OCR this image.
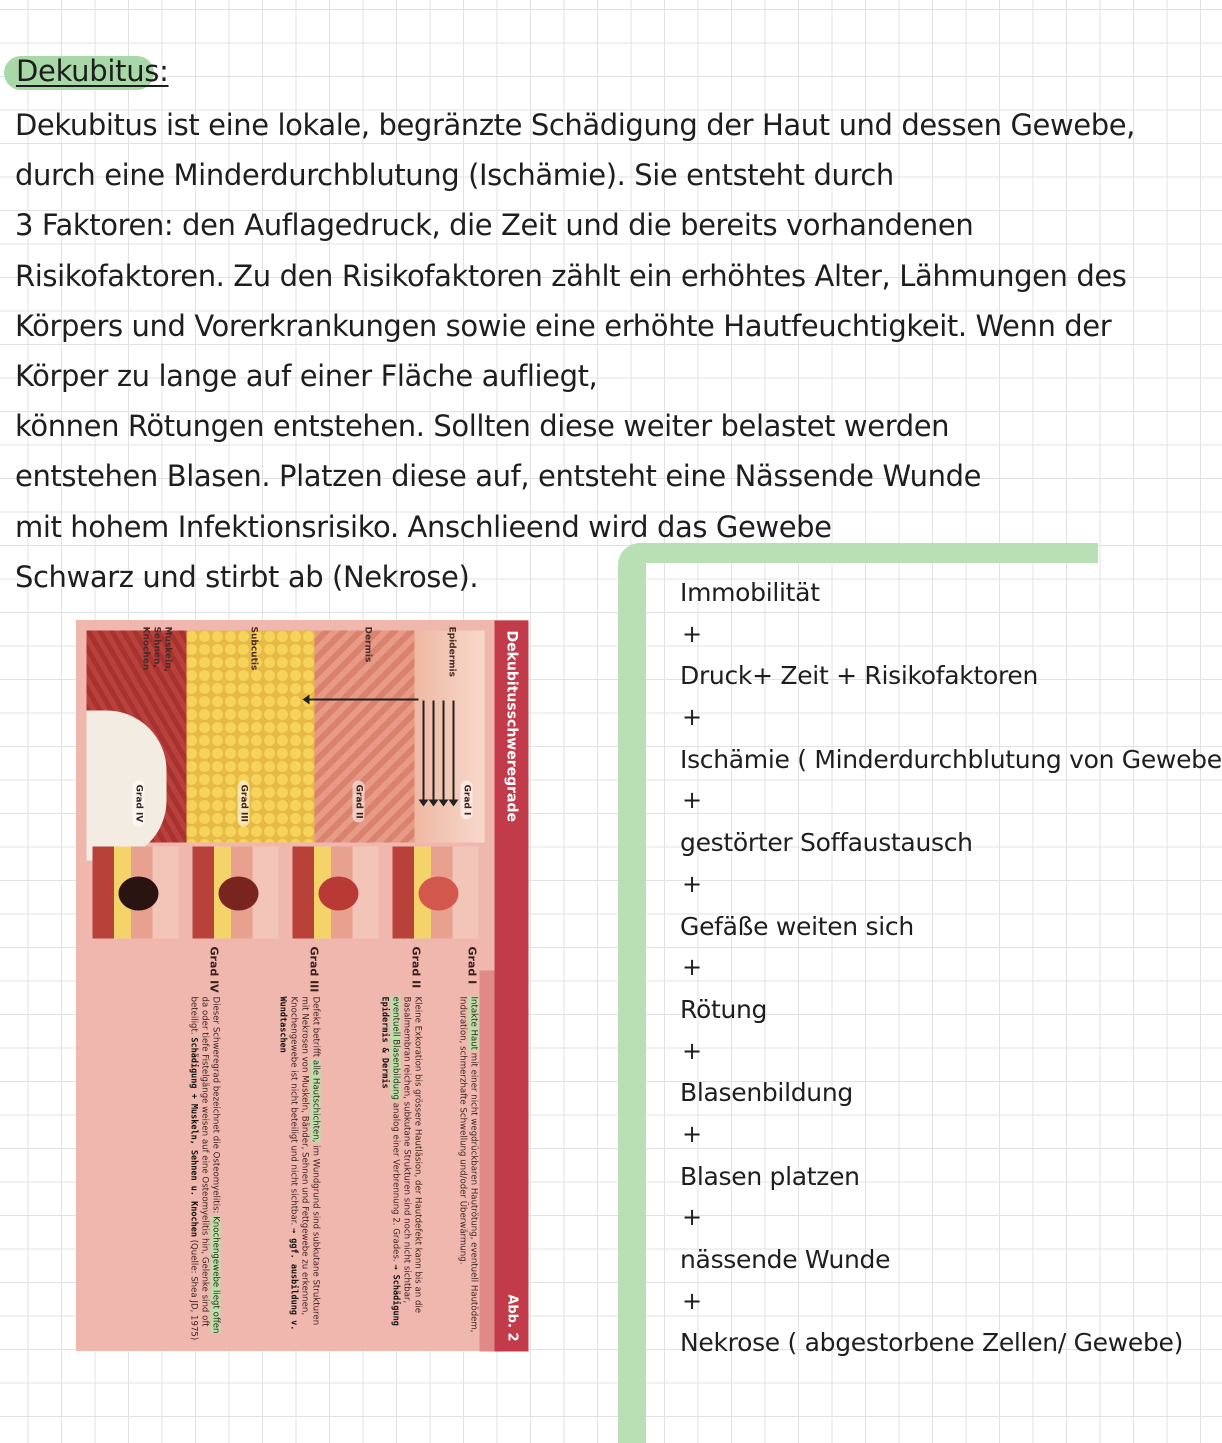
Dekubitus:
Dekubitus ist eine lokale, begränzte Schädigung der Haut und dessen Gewebe,
durch eine Minderdurchblutung (Ischämie). Sie entsteht durch
3 Faktoren: den Auflagedruck, die Zeit und die bereits vorhandenen
Risikofaktoren. Zu den Risikofaktoren zählt ein erhöhtes Alter, Lähmungen des
Körpers und Vorerkrankungen sowie eine erhöhte Hautfeuchtigkeit. Wenn der
Körper zu lange auf einer Fläche aufliegt,
können Rötungen entstehen. Sollten diese weiter belastet werden
entstehen Blasen. Platzen diese auf, entsteht eine Nässende Wunde
mit hohem Infektionsrisiko. Anschlieend wird das Gewebe
Schwarz und stirbt ab (Nekrose).	Immobilität
+
Druck+ Zeit + Risikofaktoren
+
Ischämie ( Minderdurchblutung von Gewebe
+
gestörter Soffaustausch
+
Gefäße weiten sich
+
Rötung
+
Blasenbildung
+
Blasen platzen
+
nässende Wunde
+
Nekrose ( abgestorbene Zellen/ Gewebe)
Dekubitusschweregrade
Abb. 2
Epidermis
Dermis
Subcutis
Muskeln, Sehnen, Knochen
Grad I
Grad II
Grad III
Grad IV
Grad I
Intakte Haut mit einer nicht wegdrückbaren Hautrötung, eventuell Hautödem, Induration, schmerzhafte Schwellung und/oder Überwärmung.
Grad II
Kleine Exkoration bis grössere Hautläsion, der Hautdefekt kann bis an die Basalmembran reichen, subkutane Strukturen sind noch nicht sichtbar, eventuell Blasenbildung analog einer Verbrennung 2. Grades. → Schädigung Epidermis & Dermis
Grad III
Defekt betrifft alle Hautschichten, im Wundgrund sind subkutane Strukturen mit Nekrosen von Muskeln, Bänder, Sehnen und Fettgewebe zu erkennen, Knochengewebe ist nicht beteiligt und nicht sichtbar. → ggf. ausbildung v. Wundtaschen
Grad IV
Dieser Schweregrad bezeichnet die Osteomyelitis: Knochengewebe liegt offen da oder tiefe Fistelgänge weisen auf eine Osteomyelitis hin, Gelenke sind oft beteiligt. Schädigung + Muskeln, Sehnen u. Knochen (Quelle: Shea JD, 1975)
